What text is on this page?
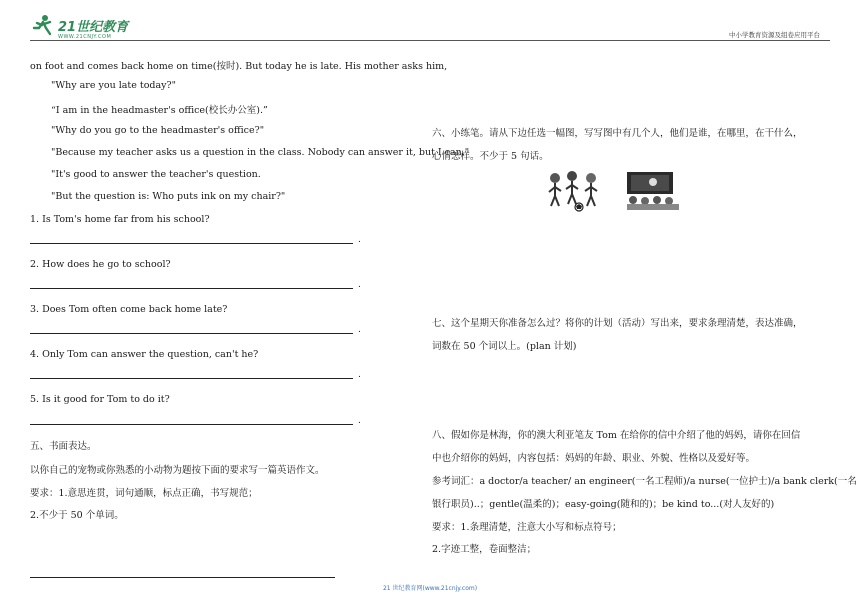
21世纪教育
WWW.21CNJY.COM	中小学教育资源及组卷应用平台
on foot and comes back home on time(按时). But today he is late. His mother asks him,
"Why are you late today?"
“I am in the headmaster's office(校长办公室).”
"Why do you go to the headmaster's office?"
"Because my teacher asks us a question in the class. Nobody can answer it, but I can."
"It's good to answer the teacher's question.
"But the question is: Who puts ink on my chair?"
1. Is Tom's home far from his school?
.
2. How does he go to school?
.
3. Does Tom often come back home late?
.
4. Only Tom can answer the question, can't he?
.
5. Is it good for Tom to do it?
.
五、书面表达。
以你自己的宠物或你熟悉的小动物为题按下面的要求写一篇英语作文。
要求：1.意思连贯，词句通顺，标点正确，书写规范；
2.不少于 50 个单词。
六、小练笔。请从下边任选一幅图，写写图中有几个人，他们是谁，在哪里，在干什么，
心情怎样。不少于 5 句话。
七、这个星期天你准备怎么过？将你的计划（活动）写出来，要求条理清楚，表达准确，
词数在 50 个词以上。(plan 计划)
八、假如你是林海，你的澳大利亚笔友 Tom 在给你的信中介绍了他的妈妈，请你在回信
中也介绍你的妈妈，内容包括：妈妈的年龄、职业、外貌、性格以及爱好等。
参考词汇：a doctor/a teacher/ an engineer(一名工程师)/a nurse(一位护士)/a bank clerk(一名
银行职员)..；gentle(温柔的)；easy-going(随和的)；be kind to...(对人友好的)
要求：1.条理清楚，注意大小写和标点符号；
2.字迹工整，卷面整洁；
21 世纪教育网(www.21cnjy.com)
